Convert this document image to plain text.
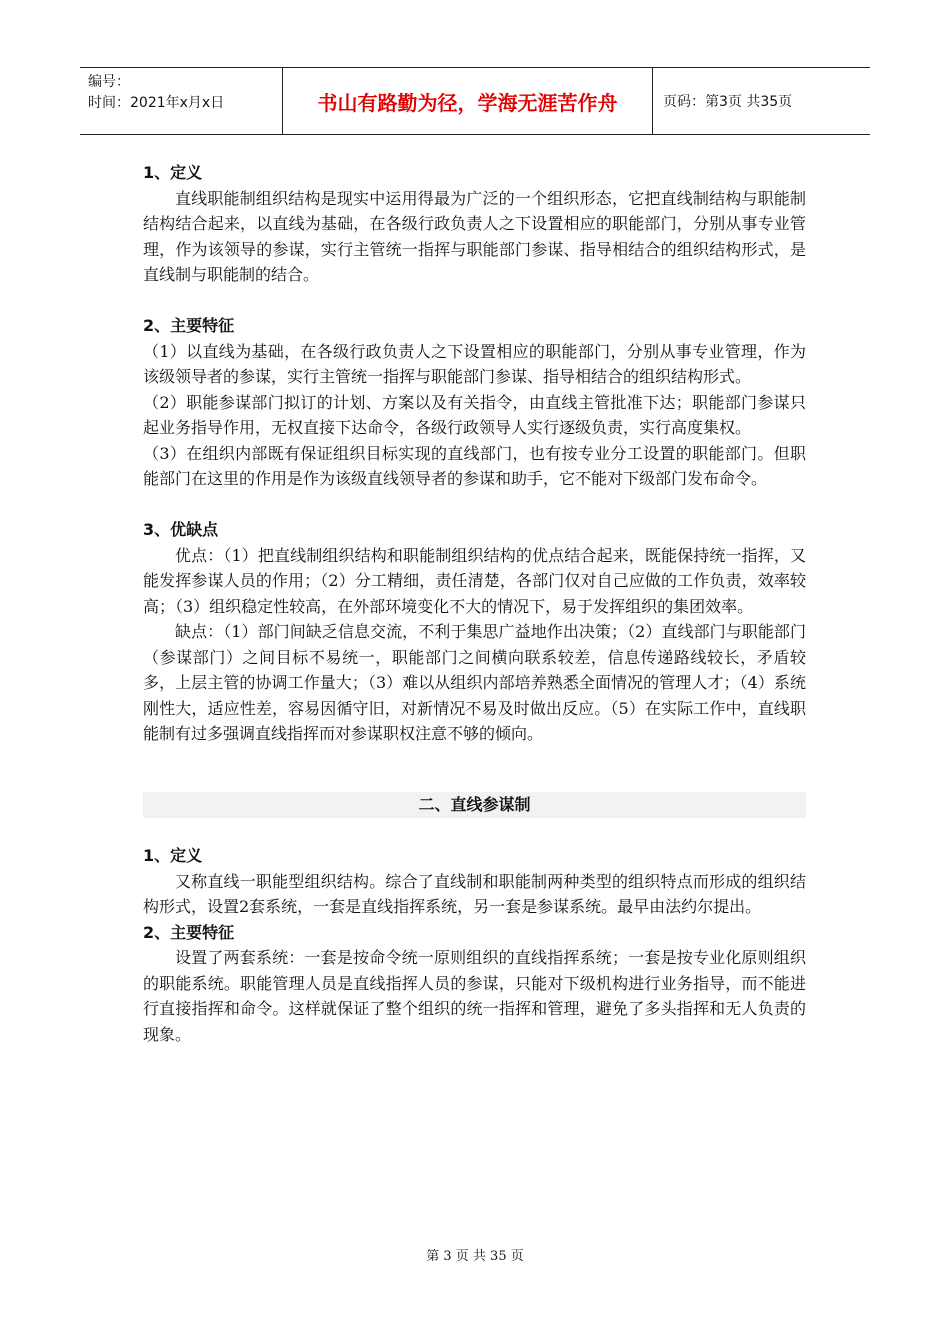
编号：
时间：2021年x月x日	书山有路勤为径，学海无涯苦作舟	页码：第3页 共35页

1、定义

直线职能制组织结构是现实中运用得最为广泛的一个组织形态，它把直线制结构与职能制结构结合起来，以直线为基础，在各级行政负责人之下设置相应的职能部门，分别从事专业管理，作为该领导的参谋，实行主管统一指挥与职能部门参谋、指导相结合的组织结构形式，是直线制与职能制的结合。

2、主要特征

（1）以直线为基础，在各级行政负责人之下设置相应的职能部门，分别从事专业管理，作为该级领导者的参谋，实行主管统一指挥与职能部门参谋、指导相结合的组织结构形式。

（2）职能参谋部门拟订的计划、方案以及有关指令，由直线主管批准下达；职能部门参谋只起业务指导作用，无权直接下达命令，各级行政领导人实行逐级负责，实行高度集权。

（3）在组织内部既有保证组织目标实现的直线部门，也有按专业分工设置的职能部门。但职能部门在这里的作用是作为该级直线领导者的参谋和助手，它不能对下级部门发布命令。

3、优缺点

优点：（1）把直线制组织结构和职能制组织结构的优点结合起来，既能保持统一指挥，又能发挥参谋人员的作用；（2）分工精细，责任清楚，各部门仅对自己应做的工作负责，效率较高；（3）组织稳定性较高，在外部环境变化不大的情况下，易于发挥组织的集团效率。

缺点：（1）部门间缺乏信息交流，不利于集思广益地作出决策；（2）直线部门与职能部门（参谋部门）之间目标不易统一，职能部门之间横向联系较差，信息传递路线较长，矛盾较多，上层主管的协调工作量大；（3）难以从组织内部培养熟悉全面情况的管理人才；（4）系统刚性大，适应性差，容易因循守旧，对新情况不易及时做出反应。（5）在实际工作中，直线职能制有过多强调直线指挥而对参谋职权注意不够的倾向。

二、直线参谋制

1、定义

又称直线一职能型组织结构。综合了直线制和职能制两种类型的组织特点而形成的组织结构形式，设置2套系统，一套是直线指挥系统，另一套是参谋系统。最早由法约尔提出。

2、主要特征

设置了两套系统：一套是按命令统一原则组织的直线指挥系统；一套是按专业化原则组织的职能系统。职能管理人员是直线指挥人员的参谋，只能对下级机构进行业务指导，而不能进行直接指挥和命令。这样就保证了整个组织的统一指挥和管理，避免了多头指挥和无人负责的现象。

第 3 页 共 35 页
